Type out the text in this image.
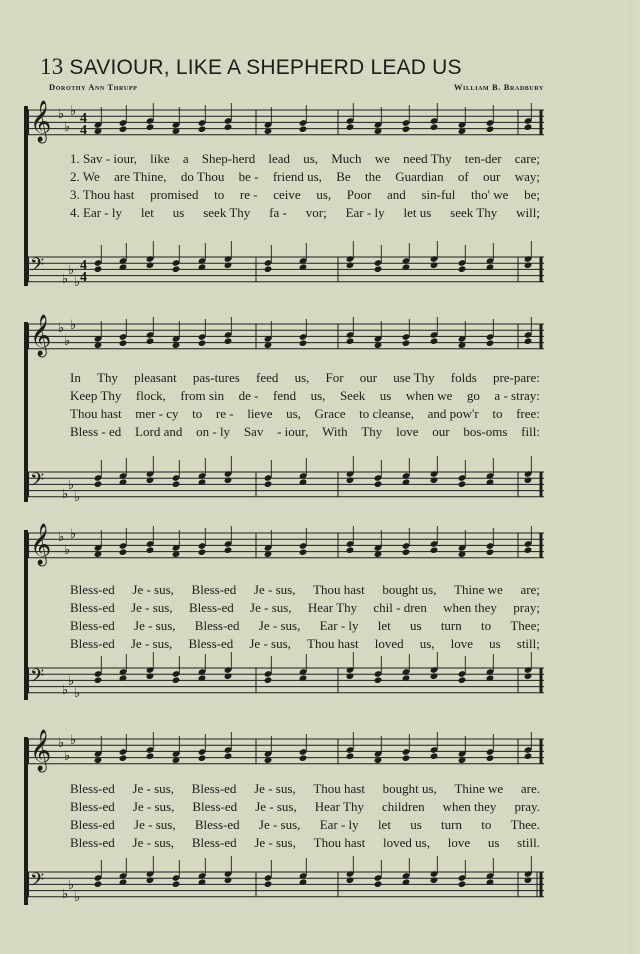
13 SAVIOUR, LIKE A SHEPHERD LEAD US
Dorothy Ann Thrupp	William B. Bradbury
𝄞 ♭
♭
♭ 4
4
1. Sav - iour, like a Shep-herd lead us, Much we need Thy ten-der care;
2. We are Thine, do Thou be - friend us, Be the Guardian of our way;
3. Thou hast promised to re - ceive us, Poor and sin-ful tho' we be;
4. Ear - ly let us seek Thy fa - vor; Ear - ly let us seek Thy will;
𝄢 ♭
♭
♭
4
4
𝄞 ♭
♭
♭
In Thy pleasant pas-tures feed us, For our use Thy folds pre-pare:
Keep Thy flock, from sin de - fend us, Seek us when we go a - stray:
Thou hast mer - cy to re - lieve us, Grace to cleanse, and pow'r to free:
Bless - ed Lord and on - ly Sav - iour, With Thy love our bos-oms fill:
𝄢 ♭
♭
♭
𝄞 ♭
♭
♭
Bless-ed Je - sus, Bless-ed Je - sus, Thou hast bought us, Thine we are;
Bless-ed Je - sus, Bless-ed Je - sus, Hear Thy chil - dren when they pray;
Bless-ed Je - sus, Bless-ed Je - sus, Ear - ly let us turn to Thee;
Bless-ed Je - sus, Bless-ed Je - sus, Thou hast loved us, love us still;
𝄢 ♭
♭
♭
𝄞 ♭
♭
♭
Bless-ed Je - sus, Bless-ed Je - sus, Thou hast bought us, Thine we are.
Bless-ed Je - sus, Bless-ed Je - sus, Hear Thy children when they pray.
Bless-ed Je - sus, Bless-ed Je - sus, Ear - ly let us turn to Thee.
Bless-ed Je - sus, Bless-ed Je - sus, Thou hast loved us, love us still.
𝄢 ♭
♭
♭
